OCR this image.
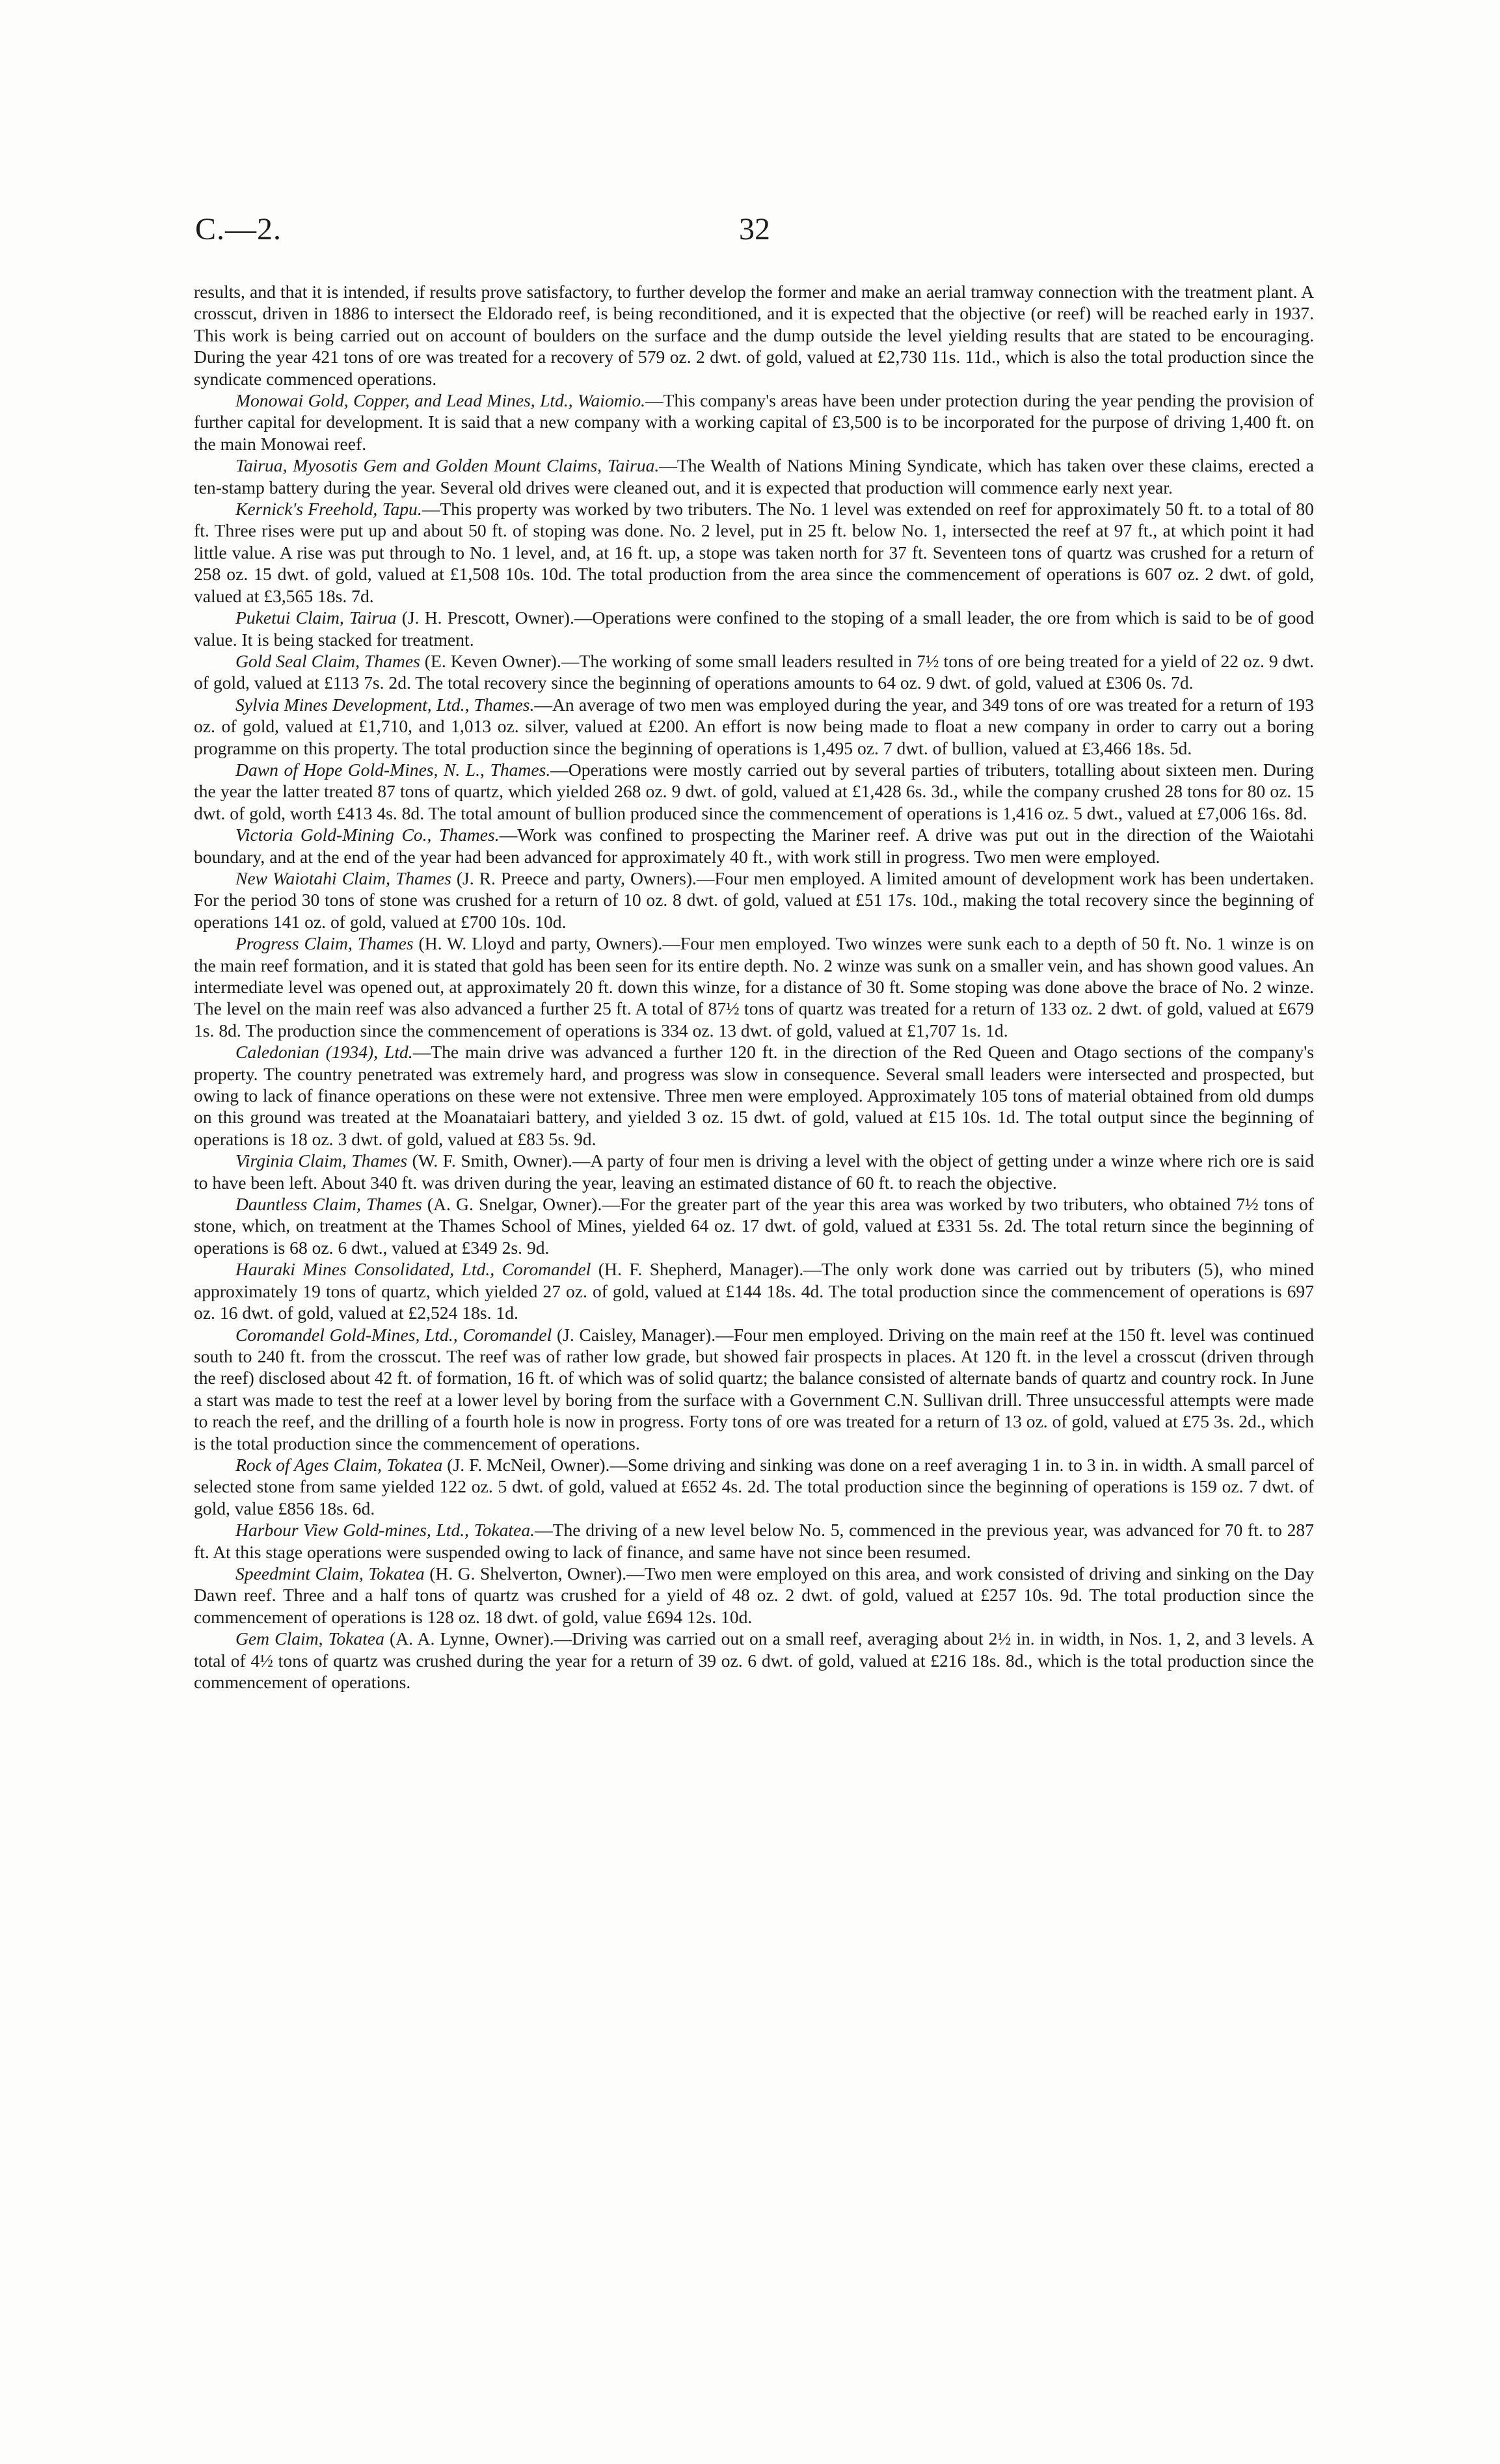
C.—2.	32

results, and that it is intended, if results prove satisfactory, to further develop the former and make an aerial tramway connection with the treatment plant. A crosscut, driven in 1886 to intersect the Eldorado reef, is being reconditioned, and it is expected that the objective (or reef) will be reached early in 1937. This work is being carried out on account of boulders on the surface and the dump outside the level yielding results that are stated to be encouraging. During the year 421 tons of ore was treated for a recovery of 579 oz. 2 dwt. of gold, valued at £2,730 11s. 11d., which is also the total production since the syndicate commenced operations.

Monowai Gold, Copper, and Lead Mines, Ltd., Waiomio.—This company's areas have been under protection during the year pending the provision of further capital for development. It is said that a new company with a working capital of £3,500 is to be incorporated for the purpose of driving 1,400 ft. on the main Monowai reef.

Tairua, Myosotis Gem and Golden Mount Claims, Tairua.—The Wealth of Nations Mining Syndicate, which has taken over these claims, erected a ten-stamp battery during the year. Several old drives were cleaned out, and it is expected that production will commence early next year.

Kernick's Freehold, Tapu.—This property was worked by two tributers. The No. 1 level was extended on reef for approximately 50 ft. to a total of 80 ft. Three rises were put up and about 50 ft. of stoping was done. No. 2 level, put in 25 ft. below No. 1, intersected the reef at 97 ft., at which point it had little value. A rise was put through to No. 1 level, and, at 16 ft. up, a stope was taken north for 37 ft. Seventeen tons of quartz was crushed for a return of 258 oz. 15 dwt. of gold, valued at £1,508 10s. 10d. The total production from the area since the commencement of operations is 607 oz. 2 dwt. of gold, valued at £3,565 18s. 7d.

Puketui Claim, Tairua (J. H. Prescott, Owner).—Operations were confined to the stoping of a small leader, the ore from which is said to be of good value. It is being stacked for treatment.

Gold Seal Claim, Thames (E. Keven Owner).—The working of some small leaders resulted in 7½ tons of ore being treated for a yield of 22 oz. 9 dwt. of gold, valued at £113 7s. 2d. The total recovery since the beginning of operations amounts to 64 oz. 9 dwt. of gold, valued at £306 0s. 7d.

Sylvia Mines Development, Ltd., Thames.—An average of two men was employed during the year, and 349 tons of ore was treated for a return of 193 oz. of gold, valued at £1,710, and 1,013 oz. silver, valued at £200. An effort is now being made to float a new company in order to carry out a boring programme on this property. The total production since the beginning of operations is 1,495 oz. 7 dwt. of bullion, valued at £3,466 18s. 5d.

Dawn of Hope Gold-Mines, N. L., Thames.—Operations were mostly carried out by several parties of tributers, totalling about sixteen men. During the year the latter treated 87 tons of quartz, which yielded 268 oz. 9 dwt. of gold, valued at £1,428 6s. 3d., while the company crushed 28 tons for 80 oz. 15 dwt. of gold, worth £413 4s. 8d. The total amount of bullion produced since the commencement of operations is 1,416 oz. 5 dwt., valued at £7,006 16s. 8d.

Victoria Gold-Mining Co., Thames.—Work was confined to prospecting the Mariner reef. A drive was put out in the direction of the Waiotahi boundary, and at the end of the year had been advanced for approximately 40 ft., with work still in progress. Two men were employed.

New Waiotahi Claim, Thames (J. R. Preece and party, Owners).—Four men employed. A limited amount of development work has been undertaken. For the period 30 tons of stone was crushed for a return of 10 oz. 8 dwt. of gold, valued at £51 17s. 10d., making the total recovery since the beginning of operations 141 oz. of gold, valued at £700 10s. 10d.

Progress Claim, Thames (H. W. Lloyd and party, Owners).—Four men employed. Two winzes were sunk each to a depth of 50 ft. No. 1 winze is on the main reef formation, and it is stated that gold has been seen for its entire depth. No. 2 winze was sunk on a smaller vein, and has shown good values. An intermediate level was opened out, at approximately 20 ft. down this winze, for a distance of 30 ft. Some stoping was done above the brace of No. 2 winze. The level on the main reef was also advanced a further 25 ft. A total of 87½ tons of quartz was treated for a return of 133 oz. 2 dwt. of gold, valued at £679 1s. 8d. The production since the commencement of operations is 334 oz. 13 dwt. of gold, valued at £1,707 1s. 1d.

Caledonian (1934), Ltd.—The main drive was advanced a further 120 ft. in the direction of the Red Queen and Otago sections of the company's property. The country penetrated was extremely hard, and progress was slow in consequence. Several small leaders were intersected and prospected, but owing to lack of finance operations on these were not extensive. Three men were employed. Approximately 105 tons of material obtained from old dumps on this ground was treated at the Moanataiari battery, and yielded 3 oz. 15 dwt. of gold, valued at £15 10s. 1d. The total output since the beginning of operations is 18 oz. 3 dwt. of gold, valued at £83 5s. 9d.

Virginia Claim, Thames (W. F. Smith, Owner).—A party of four men is driving a level with the object of getting under a winze where rich ore is said to have been left. About 340 ft. was driven during the year, leaving an estimated distance of 60 ft. to reach the objective.

Dauntless Claim, Thames (A. G. Snelgar, Owner).—For the greater part of the year this area was worked by two tributers, who obtained 7½ tons of stone, which, on treatment at the Thames School of Mines, yielded 64 oz. 17 dwt. of gold, valued at £331 5s. 2d. The total return since the beginning of operations is 68 oz. 6 dwt., valued at £349 2s. 9d.

Hauraki Mines Consolidated, Ltd., Coromandel (H. F. Shepherd, Manager).—The only work done was carried out by tributers (5), who mined approximately 19 tons of quartz, which yielded 27 oz. of gold, valued at £144 18s. 4d. The total production since the commencement of operations is 697 oz. 16 dwt. of gold, valued at £2,524 18s. 1d.

Coromandel Gold-Mines, Ltd., Coromandel (J. Caisley, Manager).—Four men employed. Driving on the main reef at the 150 ft. level was continued south to 240 ft. from the crosscut. The reef was of rather low grade, but showed fair prospects in places. At 120 ft. in the level a crosscut (driven through the reef) disclosed about 42 ft. of formation, 16 ft. of which was of solid quartz; the balance consisted of alternate bands of quartz and country rock. In June a start was made to test the reef at a lower level by boring from the surface with a Government C.N. Sullivan drill. Three unsuccessful attempts were made to reach the reef, and the drilling of a fourth hole is now in progress. Forty tons of ore was treated for a return of 13 oz. of gold, valued at £75 3s. 2d., which is the total production since the commencement of operations.

Rock of Ages Claim, Tokatea (J. F. McNeil, Owner).—Some driving and sinking was done on a reef averaging 1 in. to 3 in. in width. A small parcel of selected stone from same yielded 122 oz. 5 dwt. of gold, valued at £652 4s. 2d. The total production since the beginning of operations is 159 oz. 7 dwt. of gold, value £856 18s. 6d.

Harbour View Gold-mines, Ltd., Tokatea.—The driving of a new level below No. 5, commenced in the previous year, was advanced for 70 ft. to 287 ft. At this stage operations were suspended owing to lack of finance, and same have not since been resumed.

Speedmint Claim, Tokatea (H. G. Shelverton, Owner).—Two men were employed on this area, and work consisted of driving and sinking on the Day Dawn reef. Three and a half tons of quartz was crushed for a yield of 48 oz. 2 dwt. of gold, valued at £257 10s. 9d. The total production since the commencement of operations is 128 oz. 18 dwt. of gold, value £694 12s. 10d.

Gem Claim, Tokatea (A. A. Lynne, Owner).—Driving was carried out on a small reef, averaging about 2½ in. in width, in Nos. 1, 2, and 3 levels. A total of 4½ tons of quartz was crushed during the year for a return of 39 oz. 6 dwt. of gold, valued at £216 18s. 8d., which is the total production since the commencement of operations.
